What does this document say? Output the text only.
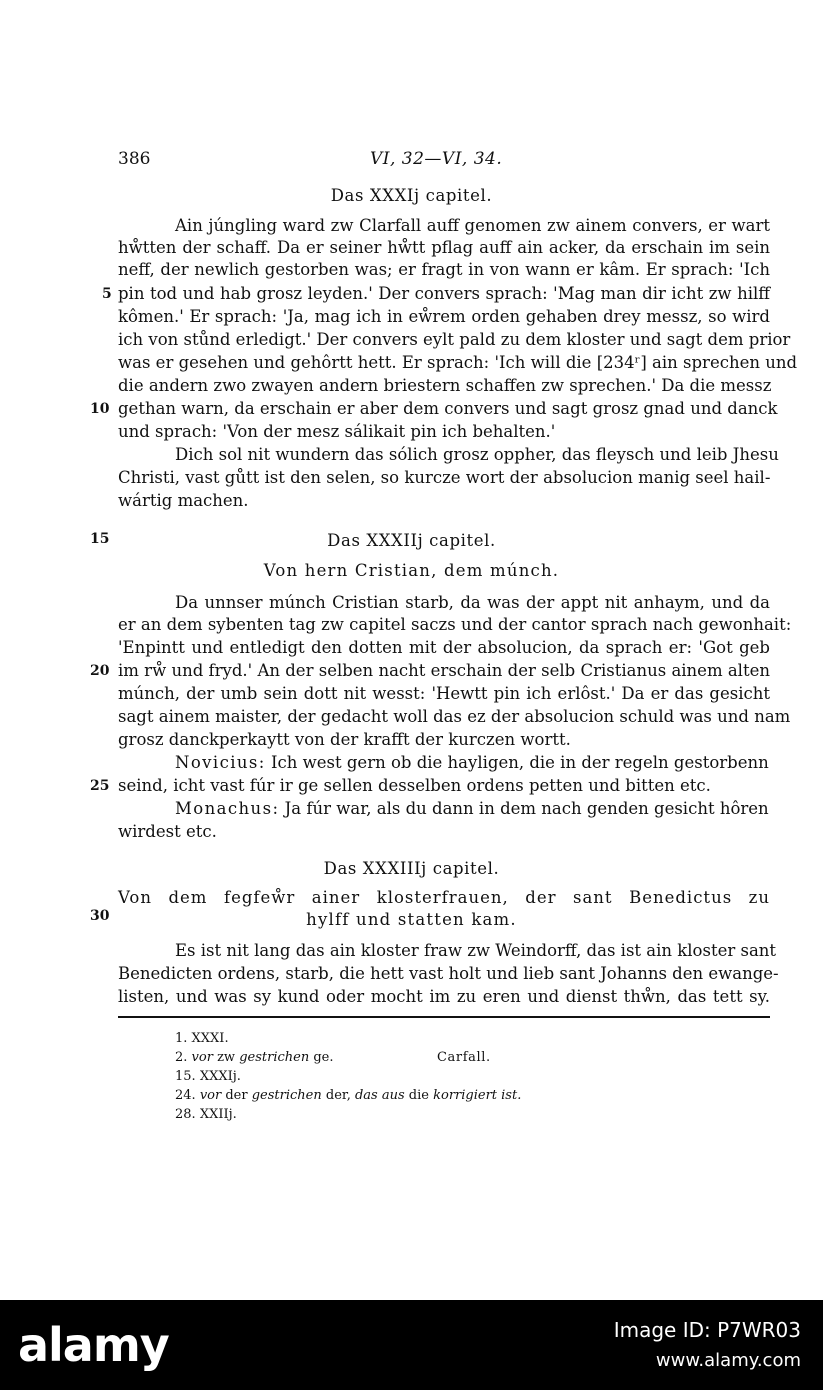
386	VI, 32—VI, 34.
Das XXXIj capitel.
Ain júngling ward zw Clarfall auff genomen zw ainem convers, er wart
hẘtten der schaff. Da er seiner hẘtt pflag auff ain acker, da erschain im sein
neff, der newlich gestorben was; er fragt in von wann er kâm. Er sprach: 'Ich
pin tod und hab grosz leyden.' Der convers sprach: 'Mag man dir icht zw hilff
kômen.' Er sprach: 'Ja, mag ich in eẘrem orden gehaben drey messz, so wird
ich von stůnd erledigt.' Der convers eylt pald zu dem kloster und sagt dem prior
was er gesehen und gehôrtt hett. Er sprach: 'Ich will die [234ʳ] ain sprechen und
die andern zwo zwayen andern briestern schaffen zw sprechen.' Da die messz
gethan warn, da erschain er aber dem convers und sagt grosz gnad und danck
und sprach: 'Von der mesz sálikait pin ich behalten.'
Dich sol nit wundern das sólich grosz oppher, das fleysch und leib Jhesu
Christi, vast gůtt ist den selen, so kurcze wort der absolucion manig seel hail-
wártig machen.
Das XXXIIj capitel.
Von hern Cristian, dem múnch.
Da unnser múnch Cristian starb, da was der appt nit anhaym, und da
er an dem sybenten tag zw capitel saczs und der cantor sprach nach gewonhait:
'Enpintt und entledigt den dotten mit der absolucion, da sprach er: 'Got geb
im rẘ und fryd.' An der selben nacht erschain der selb Cristianus ainem alten
múnch, der umb sein dott nit wesst: 'Hewtt pin ich erlôst.' Da er das gesicht
sagt ainem maister, der gedacht woll das ez der absolucion schuld was und nam
grosz danckperkaytt von der krafft der kurczen wortt.
Novicius: Ich west gern ob die hayligen, die in der regeln gestorbenn
seind, icht vast fúr ir ge sellen desselben ordens petten und bitten etc.
Monachus: Ja fúr war, als du dann in dem nach genden gesicht hôren
wirdest etc.
Das XXXIIIj capitel.
Von dem fegfeẘr ainer klosterfrauen, der sant Benedictus zu
hylff und statten kam.
Es ist nit lang das ain kloster fraw zw Weindorff, das ist ain kloster sant
Benedicten ordens, starb, die hett vast holt und lieb sant Johanns den ewange-
listen, und was sy kund oder mocht im zu eren und dienst thẘn, das tett sy.
5
10
15
20
25
30
1. XXXI.
2. vor zw gestrichen ge.	Carfall.
15. XXXIj.
24. vor der gestrichen der, das aus die korrigiert ist.
28. XXIIj.
alamy	Image ID: P7WR03
www.alamy.com
